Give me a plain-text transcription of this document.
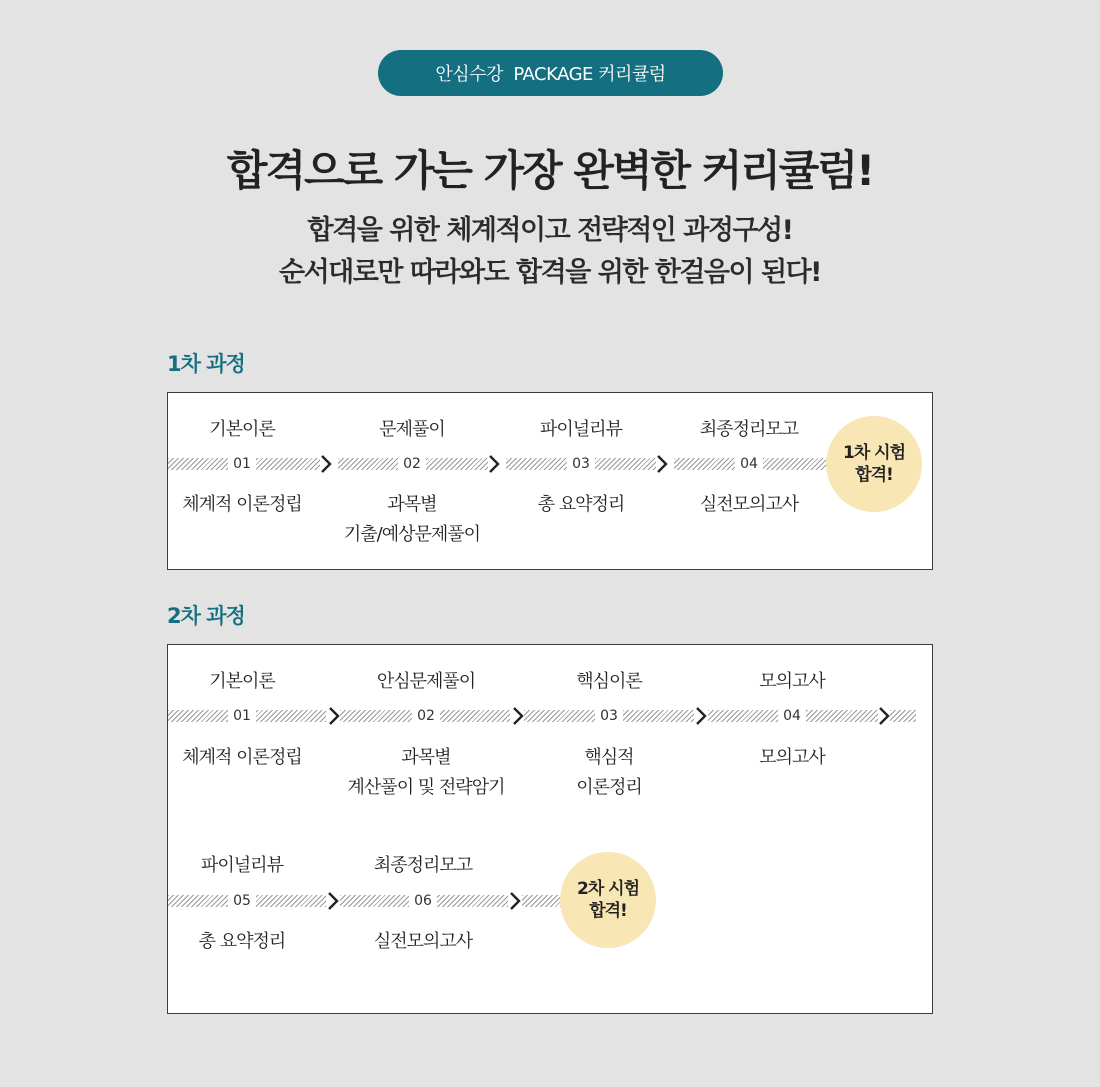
안심수강  PACKAGE 커리큘럼
합격으로 가는 가장 완벽한 커리큘럼!
합격을 위한 체계적이고 전략적인 과정구성!
순서대로만 따라와도 합격을 위한 한걸음이 된다!
1차 과정
기본이론
01
체계적 이론정립
문제풀이
02
과목별
기출/예상문제풀이
파이널리뷰
03
총 요약정리
최종정리모고
04
실전모의고사
1차 시험
합격!
2차 과정
기본이론
01
체계적 이론정립
안심문제풀이
02
과목별
계산풀이 및 전략암기
핵심이론
03
핵심적
이론정리
모의고사
04
모의고사
파이널리뷰
05
총 요약정리
최종정리모고
06
실전모의고사
2차 시험
합격!
